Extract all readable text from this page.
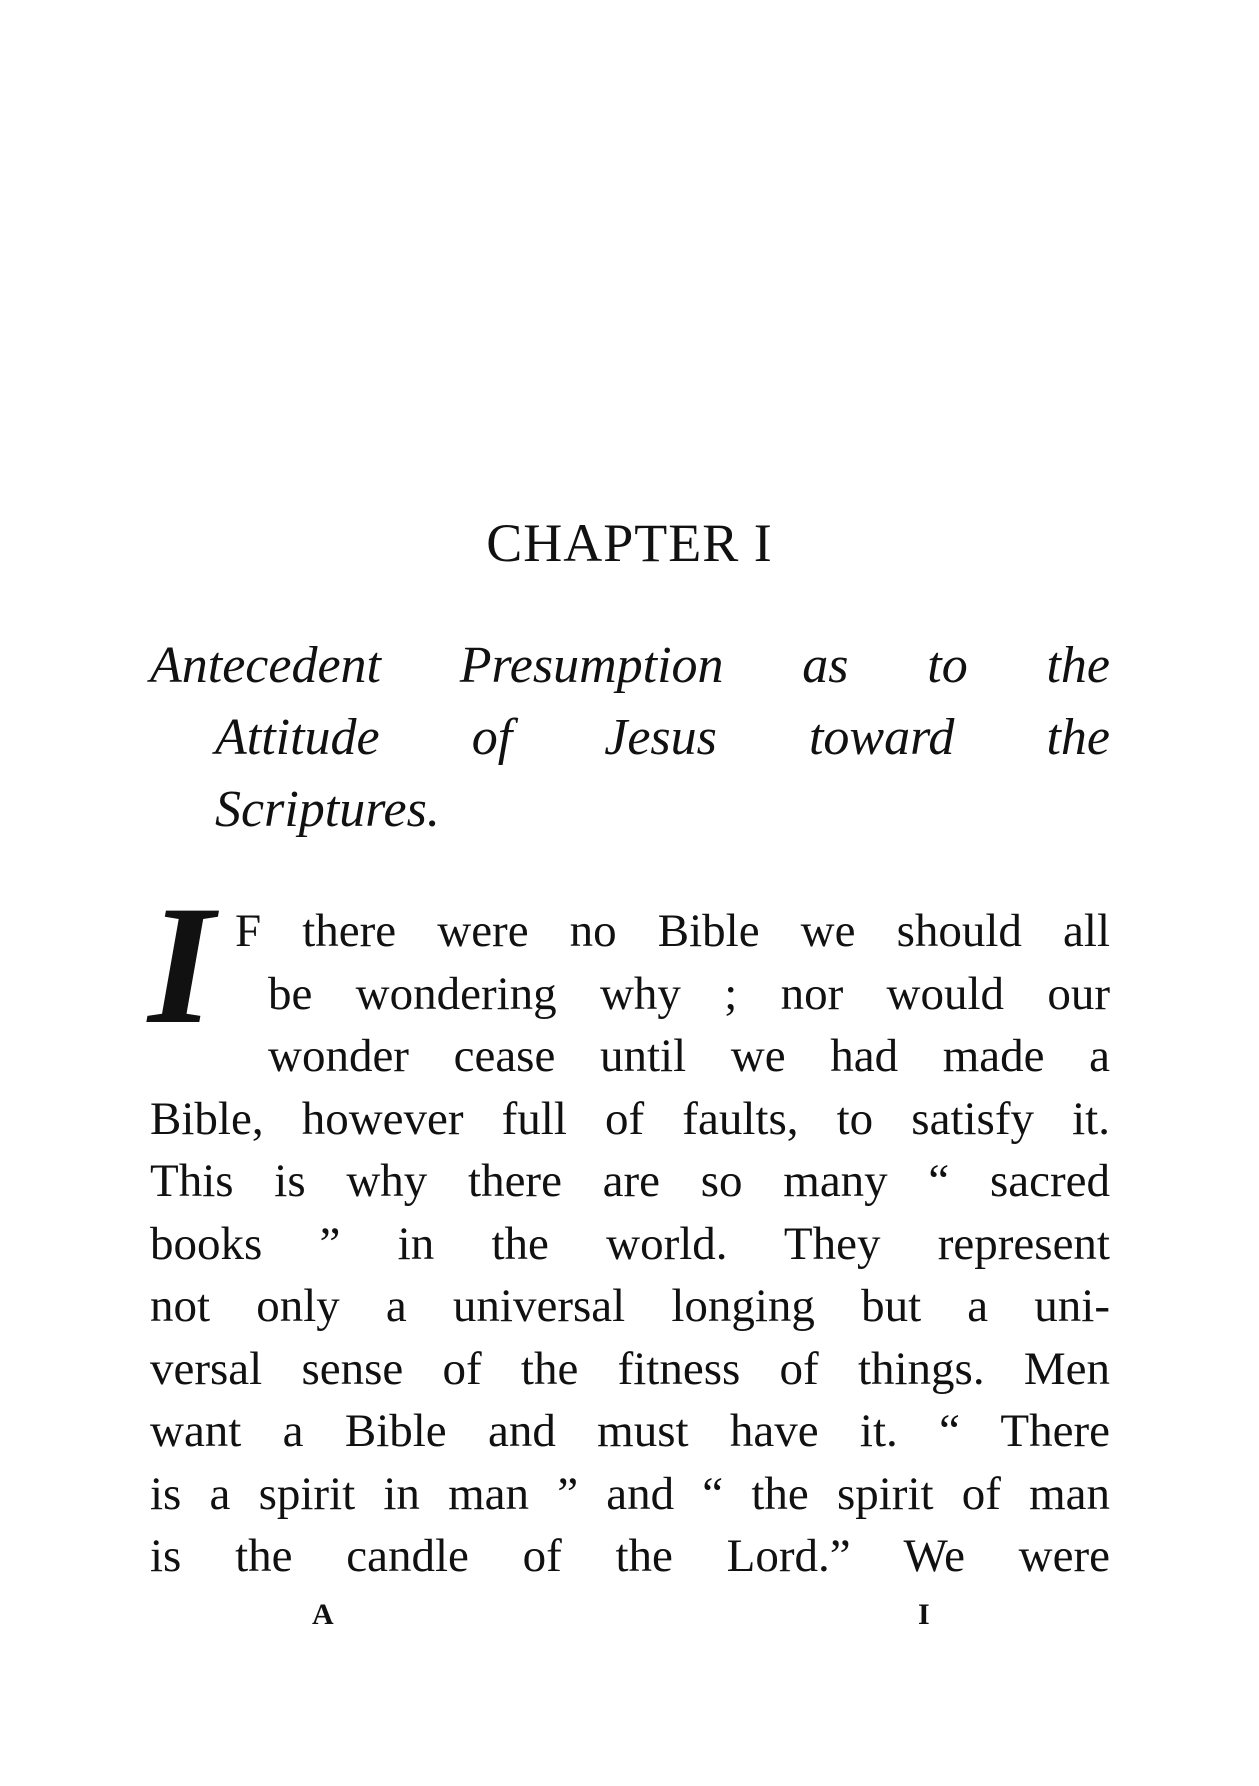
CHAPTER I
Antecedent Presumption as to the
Attitude of Jesus toward the
Scriptures.
I F there were no Bible we should all
be wondering why ; nor would our
wonder cease until we had made a
Bible, however full of faults, to satisfy it.
This is why there are so many “ sacred
books ” in the world. They represent
not only a universal longing but a uni-
versal sense of the fitness of things. Men
want a Bible and must have it. “ There
is a spirit in man ” and “ the spirit of man
is the candle of the Lord.” We were
A	I
